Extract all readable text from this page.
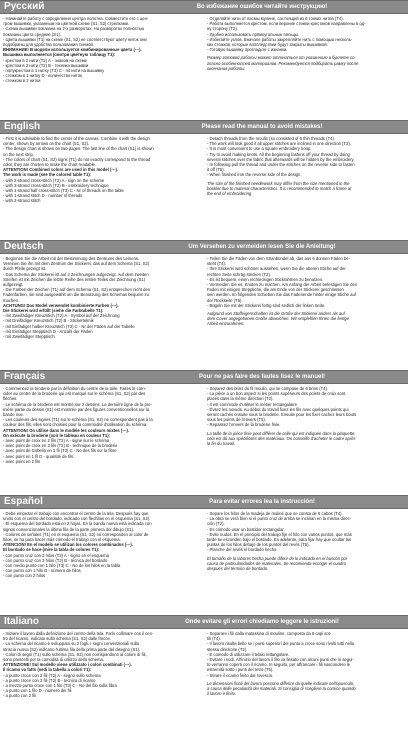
Русский	Во избежание ошибок читайте инструкцию!
- Начинайте работу с определения центра полотна. Совместите его с цен-
тром вышивки, указанным на цветной схеме (S1, S2) стрелками.
- Схема вышивки показана на 2-х разворотах. На разворотах полностью
показаны цвета средние (S1).
- Цвета вышивки (T1) на схеме (S1, S2) не соответствуют цвету ниток они
подобраны для удобства пользования схемой.
ВНИМАНИЕ! В модели используется комбинированные цвета (---).
Вышивка выполняется (смотри цветную таблицу T1):
- крестом в 2 нити (T2) А - знаком на схеме
- крестом в 3 нити (T2) В - техника вышивки
- полукрестом в 1 нитку (T3) С - nit нити на вышивку
- стежком в 1 нитку D - количество ниток
- стежком в 2 нитки
- Отделяйте нити от пасмы мулине, состоящей из 6 тонких нитей (T4).
- Работа выполняется крестом, если верхние стежки крестиков направлены в од-
ну сторону (T2).
- Удобно использовать прямоугольные пяльцы.
- Избегайте узлов. Вначале работы закрепляйте нить с помощью несколь-
ких стежков, которые впоследствии будут закрыты вышивкой.
- Готовую вышивку прогладьте с изнанки.
Размер готовой работы может отличаться от указанного в буклете со-
гласно особенностей материалов. Рекомендуется подбирать рамку после
окончания работы.
English	Please read the manual to avoid mistakes!
- First it is advisable to find the center of the canvas. Combine it with the design
center, shown by arrows on the chart (S1, S2).
- The design chart is shown on two pages. The last line of the chart (S1) is shown
on the next strip.
- The colors of chart (S1, S2) signs (T1) do not exactly correspond to the thread
color, they are chosen to make the chart readable.
ATTENTION! Combined colors are used in this model (---).
The work is made (see the colored table T1):
- with 2-strand cross-stitch (T2) A - sign on the scheme
- with 3-strand cross-stitch (T2) B - embroidery technique
- with 1-strand half cross-stitch (T3) C - Nr of threads on the table
- with 1-strand stitch D - number of threads
- with 2-strand stitch
- Detach threads from the moulin (so consisted of 6 thin threads (T4).
- The work will look good if all upper stitches are inclined in one direction (T2).
- It is most convenient to use a square embroidery hoop.
- Try to avoid making knots. All the beginning fastens off your thread by doing
several stitches over the fabric that afterwards will be hidden by the embroidery.
- In following pull the thread and under the stitches on the reverse side to fasten
it off (T5).
- When finished iron the reverse side of the design.
The size of the finished needlework may differ from the size mentioned in the
booklet due to material characteristics. It is recommended to match a frame at
the end of embroidering.
Deutsch	Um Versehen zu vermeiden lesen Sie die Anleitung!
- Beginnen Sie die Arbeit mit der Bestimmung des Zentrums des Leinens.
Vereinen Sie ihn mit dem Zentrum der Stickerei, das auf dem Schema (S1, S2)
durch Pfeile gezeigt ist.
- Das Schema der Stickerei ist auf 2 Zeichnungen aufgezeigt. Auf dem zweiten
Streifen ist mit Zeichen die letzte Reihe des ersten Teiles der Zeichnung (S1)
aufgezeigt.
- Die Farben der Zeichen (T1) auf dem Schema (S1, S2) entsprechen nicht den
Fadenfarben, sie sind ausgewählt um die Benutzung des Schemas bequem zu
machen.
ACHTUNG! Das Model verwendet kombinierte Farben (---).
Die Stickerei wird erfüllt (siehe die Farbtabelle T1):
- mit Zweifädiger Kreuzstich (T2) A - Symbol auf der Zeichnung
- mit Dreifädiger Kreuzstich (T2) B - Stickerteknik
- mit Einfädiger halber Kreuzstich (T3) C - Nr der Fäden auf der Tabelle
- mit Einfädiger Stepptisch D - Anzahl der Fäden
- mit Zweifädiger Stepptisch
- Teilen Sie die Fäden von dem Stranbündel ab, das aus 6 dünnen Fäden be-
steht (T4).
- Ihre Stickerei wird schöner aussehen, wenn Sie die oberen Stiche auf der
rechten Seite schräg stricken (T2).
- Es ist bequem, einen rechteckigen Stickrahmen zu benutzen.
- Vermeiden Sie es, Knoten zu machen. Am Anfang der Arbeit befestigen Sie den
Faden mit einigen Stepptiche, die am Ende von der Stickerei geschlossen
sein werden. Im folgenden Schieben Sie das Fadenende hinter einige Stiche auf
der Rückseite (T5).
- Bügeln Sie mit der Stickerei fertig sind seitlich der linken Seite.
Aufgrund von Stoffeigenschaften ist die Größe der Stickerei anders als auf
dem Cover angegebenen Größe abweichen. Wir empfehlen Ihnen die fertige
Arbeit einzurahmen.
Français	Pour ne pas faire des fautes lisez le manuel!
- Commencez la broderie par la définition du centre de la toile. Faites le coïn-
cider au centre de la broderie qui est marqué sur le schéma (S1, S2) par des
flèches.
- Le schéma de la broderie est montré sur 2 dessins. La dernière ligne de la pre-
mière partie du dessin (S1) est montrée par des figures conventionnelles sur la
bande nue.
- Les couleurs des signes (T1) sur le schéma (S1, S2) ne correspondent pas à la
couleur des fils, elles sont choisies pour la commodité d'utilisation du schéma.
ATTENTION! On utilise dans le modèle les couleurs mixtes (---).
On exécute la broderie (voir le tableau en couleur T1):
- avec point de croix en 2 fils (T2) A - signe sur le schéma
- avec point de croix en 3 fils (T2) B - technique de la broderie
- avec point de Gobelin en 1 fil (T3) C - No des fils sur la fibre
- avec point en 1 fil D - quantité de fils
- avec point en 2 fils
- Séparez des brins du fil moulin, qui se compose de 6 brins (T4).
- La pièce a un bon aspect si les points supérieurs des points de croix sont
placés dans la même direction (T2).
- Il est commode d'utiliser le métier rectangulaire.
- Évitez les nœuds. Au début du travail fixez les fils avec quelques points qui
seront cachés ensuite sous la broderie. Ensuite pour les fixer cachez leurs bouts
sous les points de l'envers (T5).
- Repassez l'envers de la broderie finie.
La taille de la pièce finie peut différer de celle qui est indiquée dans la plaquette,
cela est dû aux spécificités des matériaux. On conseille d'acheter le cadre après
la fin du travail.
Español	Para evitar errores lea la instrucción!
- Debe empezar el trabajo con encontrar el centro de la tela. Después hay que
unirlo con el centro del bordado, indicado con flechitas en el esquema (S1, S2).
- El esquema del bordado está en 2 hojas. En la banda nueva está indicada con
signos convencionales la última fila de la parte primera del dibujo (S1).
- Colores de señales (T1) en el esquema (S1, S2) no corresponden al color de
hilos, se ha para hacer más cómodo el trabajo con el esquema.
ATENCIÓN! En el modelo se utilizan los colores combinados (---).
El bordado se hace (mire la tabla de colores T1):
- con punto cruz con 2 hilos (T2) A - signo en el esquema
- con punto cruz con 3 hilos (T2) B - técnica del bordado
- con medio punto con 1 hilo (T3) C - No de los hilos en la tabla
- con punto con 1 hilo D - número de hilos
- con punto con 2 hilos
- Separe los hilos de la madeja de muliné que se consta de 6 cabos (T4).
- La obra se verá bien si el punto cruz de arriba se inclinan en la misma direc-
ción (T2).
- Es cómodo usar un bastidor rectangular.
- Evite nudos. En el principio del trabajo fije el hilo con varios puntos, que más
tarde se esconden bajo el bordado. En adelante, para fijar hay que ocultar las
puntas de los hilos debajo de los puntos del revés (T5).
- Planche del revés el bordado hecho.
El tamaño de la labores hecha puede diferir de lo indicado en el buscón por
causa de particularidades de materiales. Se recomienda escoger el cuadro
después del término de bordado.
Italiano	Onde evitare gli errori chiediamo leggere le istruzioni!
- Iniziare il lavoro dalla definizione del centro della tela. Farlo collimare con il cen-
tro del ricamo, indicato sullo schema (S1, S2) dalle frecce.
- Lo schema del ricamo è sviluppato su 2 fogli. I segni convenzionali sulla
striscia nuova (S2) indicano l'ultima fila della prima parte del disegno (S1).
- Colori di segni (T1) sullo schema (S1, S2) non corrispondono al colore di fili,
sono prescelti per la comodità di utilizzo dello schema.
ATTENZIONE! Sul modello viene utilizzato i colori combinati (---).
Il ricamo va fatto (vedi la tabella a colori T1):
- a punto croce con 2 fili (T2) A - segno sullo schema
- a punto croce con 3 fili (T2) B - tecnica di ricamo
- a mezzo punto croce con 1 filo (T3) C - No del filo sulla fibra
- a punto con 1 filo D - numero dei fili
- a punto con 2 fili
- Separare i fili dalla matassina di mouline, composta da 6 capi sot-
tili (T4).
- Il lavoro risulta bello se i punti superiori del punto a croce sono rivolti tutti nella
stessa direzione (T2).
- È comodo di utilizzare il telaio rettangolare.
- Evitare i nodi. All'inizio del lavoro il filo va fissato con alcuni punti che in segui-
to verranno coperti con il ricamo. In seguito, per affrancare i fili nascondere le
estremità sotto i punti del retro (T5).
- Stirare il ricamo finito dal rovescio.
Le dimensioni finali del lavoro possono differire da quelle indicate nell'opuscolo,
a causa delle peculiarità dei materiali. Si consiglia di scegliere la cornice quando
il lavoro è finito.
